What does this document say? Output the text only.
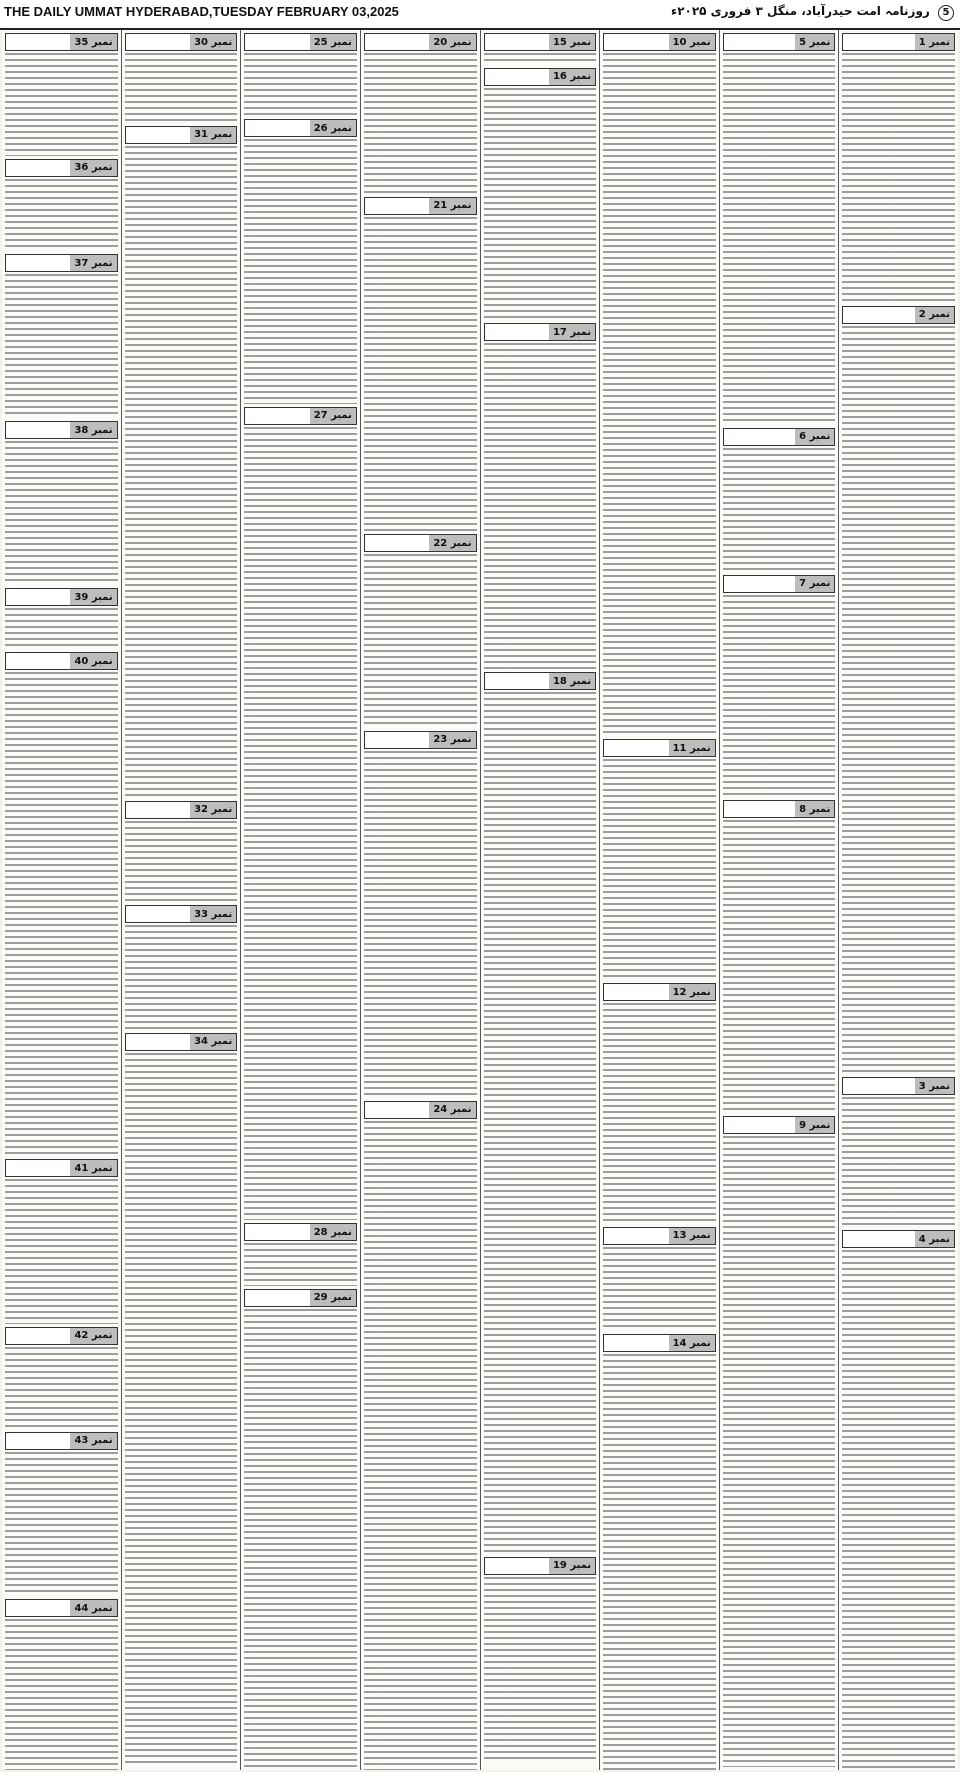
THE DAILY UMMAT HYDERABAD,TUESDAY FEBRUARY 03,2025	5 روزنامہ امت حیدرآباد، منگل ۳ فروری ۲۰۲۵ء
نمبر 1
نمبر 2
نمبر 3
نمبر 4
نمبر 5
نمبر 6
نمبر 7
نمبر 8
نمبر 9
نمبر 10
نمبر 11
نمبر 12
نمبر 13
نمبر 14
نمبر 15
نمبر 16
نمبر 17
نمبر 18
نمبر 19
نمبر 20
نمبر 21
نمبر 22
نمبر 23
نمبر 24
نمبر 25
نمبر 26
نمبر 27
نمبر 28
نمبر 29
نمبر 30
نمبر 31
نمبر 32
نمبر 33
نمبر 34
نمبر 35
نمبر 36
نمبر 37
نمبر 38
نمبر 39
نمبر 40
نمبر 41
نمبر 42
نمبر 43
نمبر 44
